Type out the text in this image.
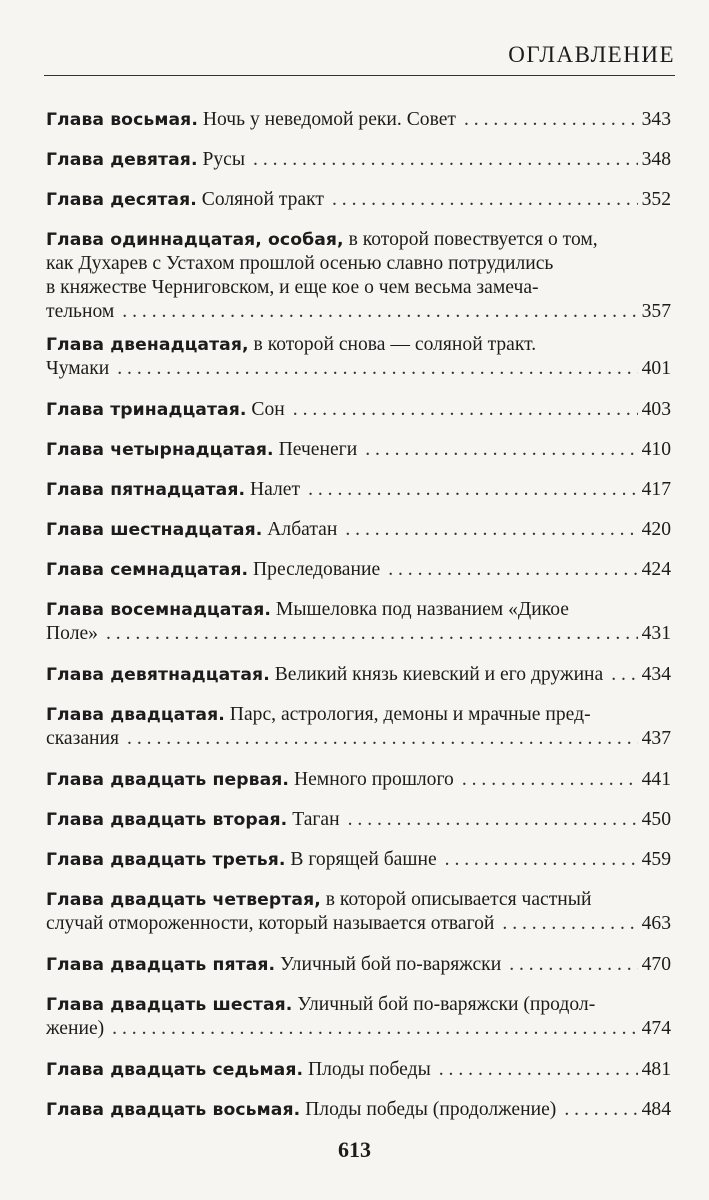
ОГЛАВЛЕНИЕ
Глава восьмая. Ночь у неведомой реки. Совет . . .	343
Глава девятая. Русы . . .	348
Глава десятая. Соляной тракт . . .	352
Глава одиннадцатая, особая, в которой повествуется о том,
как Духарев с Устахом прошлой осенью славно потрудились
в княжестве Черниговском, и еще кое о чем весьма замеча-
тельном . . .	357
Глава двенадцатая, в которой снова — соляной тракт.
Чумаки . . .	401
Глава тринадцатая. Сон . . .	403
Глава четырнадцатая. Печенеги . . .	410
Глава пятнадцатая. Налет . . .	417
Глава шестнадцатая. Албатан . . .	420
Глава семнадцатая. Преследование . . .	424
Глава восемнадцатая. Мышеловка под названием «Дикое
Поле» . . .	431
Глава девятнадцатая. Великий князь киевский и его дружина . . . 434
Глава двадцатая. Парс, астрология, демоны и мрачные пред-
сказания . . .	437
Глава двадцать первая. Немного прошлого . . .	441
Глава двадцать вторая. Таган . . .	450
Глава двадцать третья. В горящей башне . . .	459
Глава двадцать четвертая, в которой описывается частный
случай отмороженности, который называется отвагой . . .	463
Глава двадцать пятая. Уличный бой по-варяжски . . .	470
Глава двадцать шестая. Уличный бой по-варяжски (продол-
жение) . . .	474
Глава двадцать седьмая. Плоды победы . . .	481
Глава двадцать восьмая. Плоды победы (продолжение) . . .	484
613
